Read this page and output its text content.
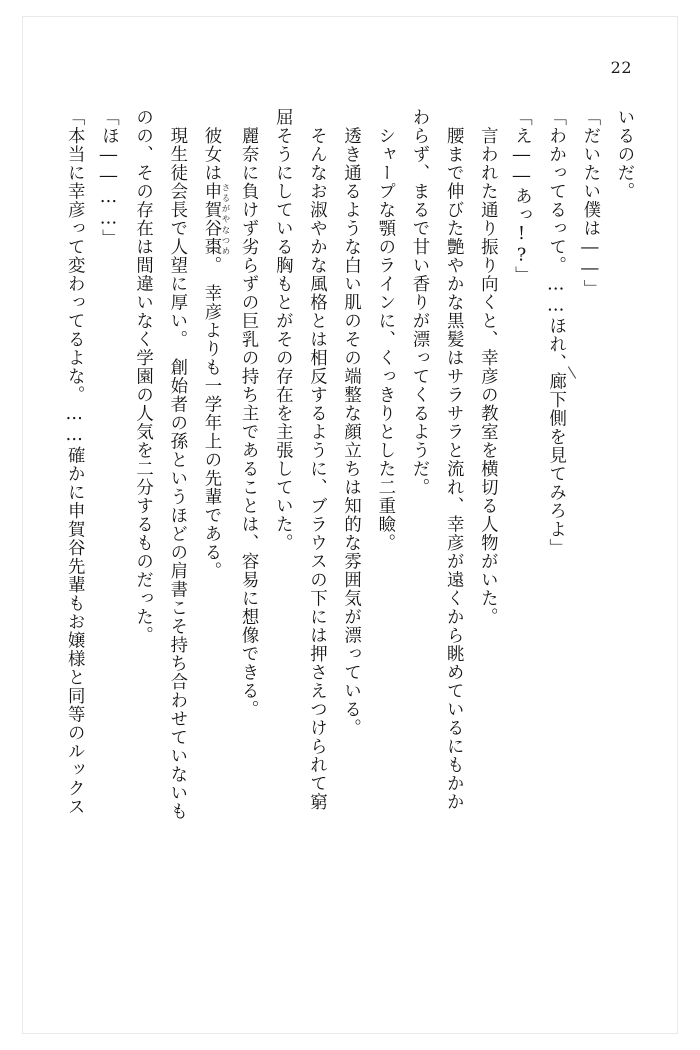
22
いるのだ。
「だいたい僕は――」
「わかってるって。……ほれ、廊下側を見てみろよ」
「え――あっ!?」
　言われた通り振り向くと、幸彦の教室を横切る人物がいた。
　腰まで伸びた艶やかな黒髪はサラサラと流れ、幸彦が遠くから眺めているにもかか
わらず、まるで甘い香りが漂ってくるようだ。
　シャープな顎のラインに、くっきりとした二重瞼。
　透き通るような白い肌のその端整な顔立ちは知的な雰囲気が漂っている。
　そんなお淑やかな風格とは相反するように、ブラウスの下には押さえつけられて窮
屈そうにしている胸もとがその存在を主張していた。
　麗奈に負けず劣らずの巨乳の持ち主であることは、容易に想像できる。
　彼女は申賀谷棗 さるがやなつめ。　幸彦よりも一学年上の先輩である。
　現生徒会長で人望に厚い。　創始者の孫というほどの肩書こそ持ち合わせていないも
のの、その存在は間違いなく学園の人気を二分するものだった。
「ほ――……」
「本当に幸彦って変わってるよな。……確かに申賀谷先輩もお嬢様と同等のルックス
